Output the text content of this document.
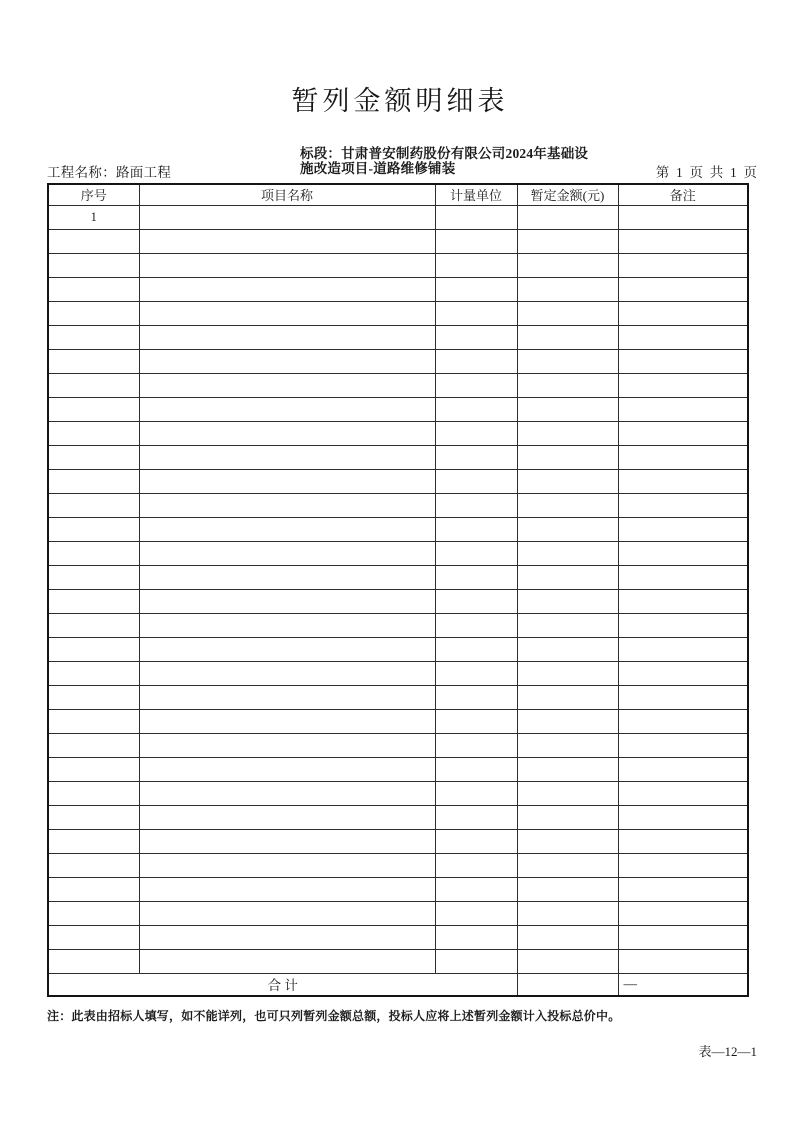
暂列金额明细表
工程名称：路面工程
标段：甘肃普安制药股份有限公司2024年基础设
施改造项目-道路维修铺装	第  1  页  共  1  页
序号	项目名称	计量单位	暂定金额(元)	备注
1				

合 计				—
注：此表由招标人填写，如不能详列，也可只列暂列金额总额，投标人应将上述暂列金额计入投标总价中。
表—12—1
